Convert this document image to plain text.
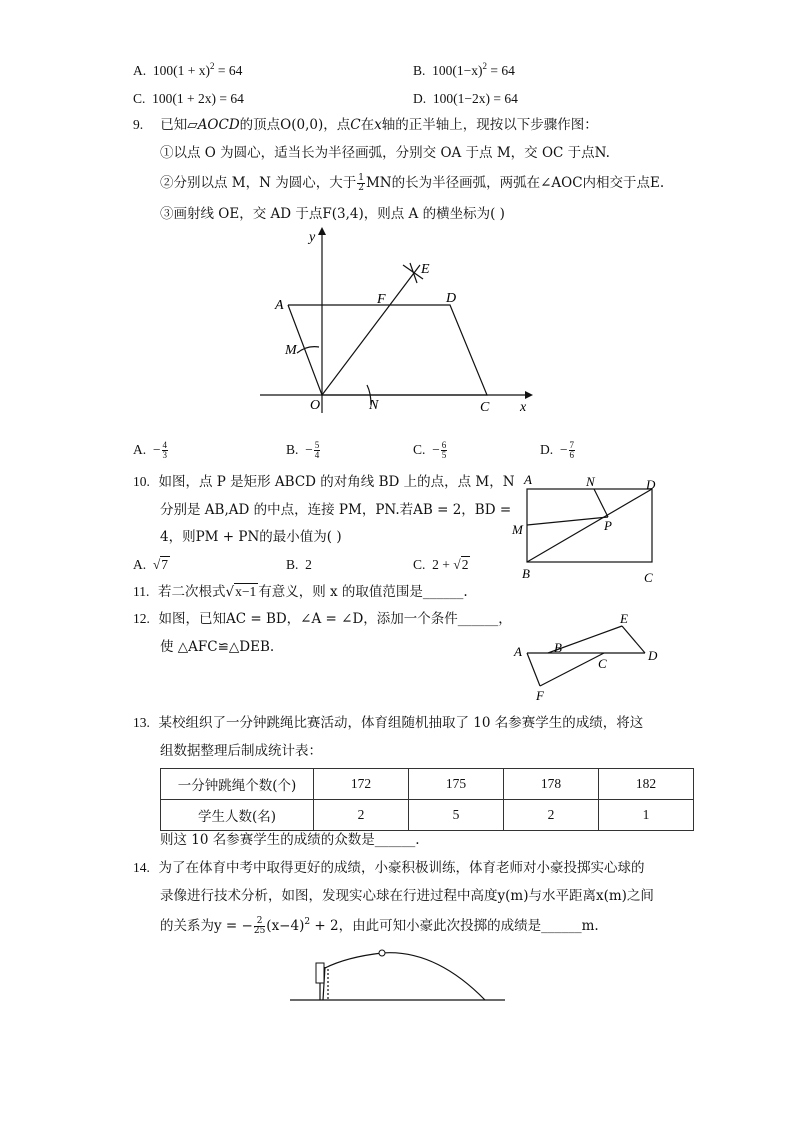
A. $100(1 + x)^2 = 64$	B. $100(1-x)^2 = 64$
C. 100(1 + 2x) = 64	D. 100(1−2x) = 64
9. 已知▱AOCD的顶点O(0,0)，点C在x轴的正半轴上，现按以下步骤作图：
①以点 O 为圆心，适当长为半径画弧，分别交 OA 于点 M，交 OC 于点N.
②分别以点 M，N 为圆心，大于 $\frac{1}{2}$ MN的长为半径画弧，两弧在∠AOC内相交于点E.
③画射线 OE，交 AD 于点F(3,4)，则点 A 的横坐标为( )
y
x
O
A	D
C
F
E
M
N
A. − $\frac{4}{3}$	B. − $\frac{5}{4}$	C. − $\frac{6}{5}$	D. − $\frac{7}{6}$
10. 如图，点 P 是矩形 ABCD 的对角线 BD 上的点，点 M，N
分别是 AB,AD 的中点，连接 PM，PN.若AB = 2，BD =
4，则PM + PN的最小值为( )
A.  √7	B. 2	C. 2 + √2
A	N	D
M	P
B	C
11. 若二次根式√x−1 有意义，则 x 的取值范围是______.
12. 如图，已知AC = BD，∠A = ∠D，添加一个条件______，
使 △AFC≌△DEB.	A B
C
D
E
F
13. 某校组织了一分钟跳绳比赛活动，体育组随机抽取了 10 名参赛学生的成绩，将这
组数据整理后制成统计表：
一分钟跳绳个数(个)	172	175	178	182
学生人数(名)	2	5	2	1
则这 10 名参赛学生的成绩的众数是______.
14. 为了在体育中考中取得更好的成绩，小豪积极训练，体育老师对小豪投掷实心球的
录像进行技术分析，如图，发现实心球在行进过程中高度y(m)与水平距离x(m)之间
的关系为y = − $\frac{2}{25} (x-4)^2 + 2$，由此可知小豪此次投掷的成绩是______m.
